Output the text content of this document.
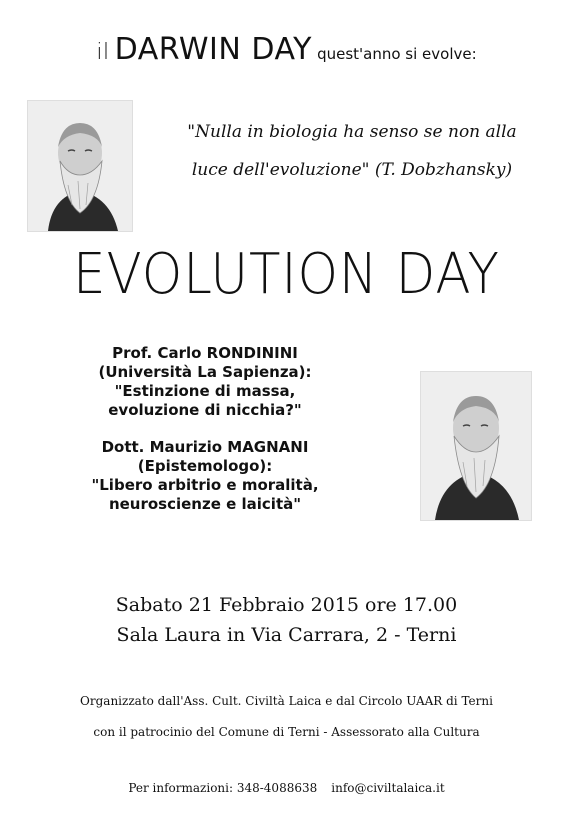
il DARWIN DAY quest'anno si evolve:
"Nulla in biologia ha senso se non alla
luce dell'evoluzione" (T. Dobzhansky)
EVOLUTION DAY
Prof. Carlo RONDININI
(Università La Sapienza):
"Estinzione di massa,
evoluzione di nicchia?"
Dott. Maurizio MAGNANI
(Epistemologo):
"Libero arbitrio e moralità,
neuroscienze e laicità"
Sabato 21 Febbraio 2015 ore 17.00
Sala Laura in Via Carrara, 2 - Terni
Organizzato dall'Ass. Cult. Civiltà Laica e dal Circolo UAAR di Terni
con il patrocinio del Comune di Terni - Assessorato alla Cultura
Per informazioni: 348-4088638 info@civiltalaica.it
